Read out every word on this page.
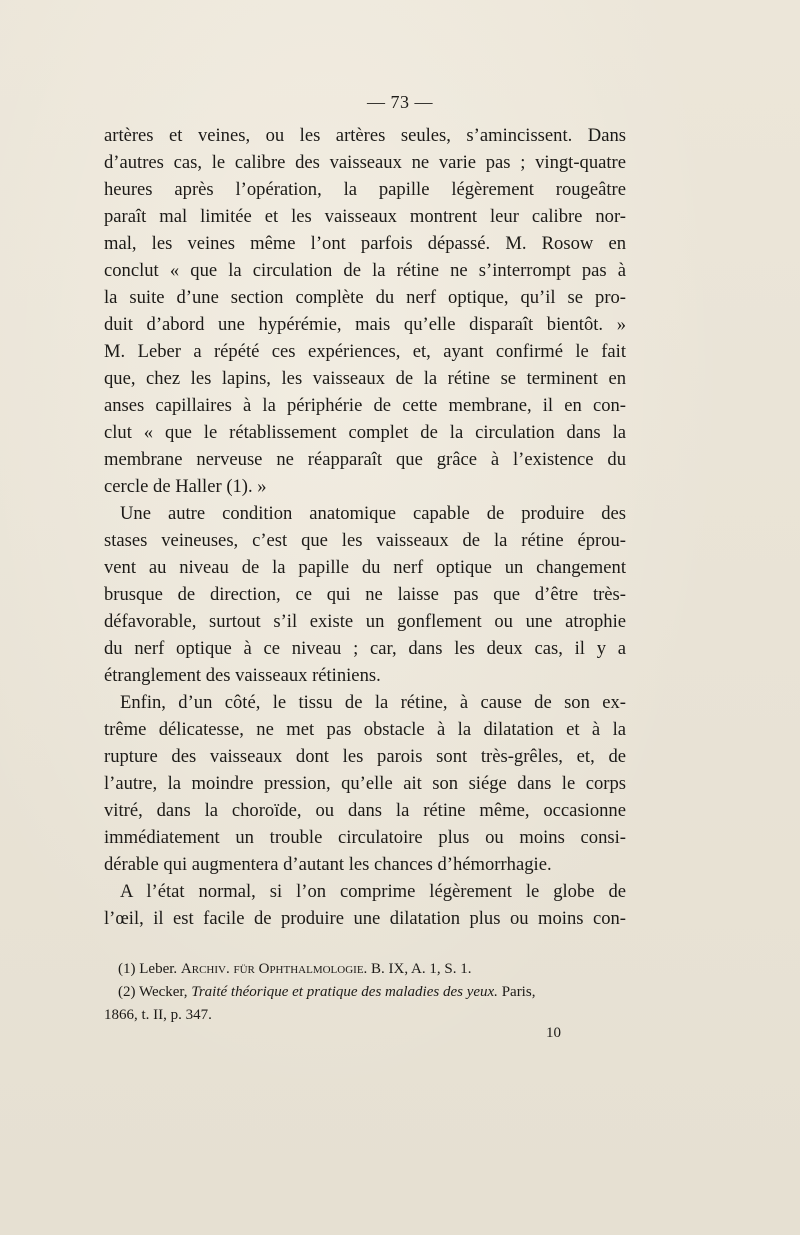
— 73 —
artères et veines, ou les artères seules, s’amincissent. Dans
d’autres cas, le calibre des vaisseaux ne varie pas ; vingt-quatre
heures après l’opération, la papille légèrement rougeâtre
paraît mal limitée et les vaisseaux montrent leur calibre nor-
mal, les veines même l’ont parfois dépassé. M. Rosow en
conclut « que la circulation de la rétine ne s’interrompt pas à
la suite d’une section complète du nerf optique, qu’il se pro-
duit d’abord une hypérémie, mais qu’elle disparaît bientôt. »
M. Leber a répété ces expériences, et, ayant confirmé le fait
que, chez les lapins, les vaisseaux de la rétine se terminent en
anses capillaires à la périphérie de cette membrane, il en con-
clut « que le rétablissement complet de la circulation dans la
membrane nerveuse ne réapparaît que grâce à l’existence du
cercle de Haller (1). »
Une autre condition anatomique capable de produire des
stases veineuses, c’est que les vaisseaux de la rétine éprou-
vent au niveau de la papille du nerf optique un changement
brusque de direction, ce qui ne laisse pas que d’être très-
défavorable, surtout s’il existe un gonflement ou une atrophie
du nerf optique à ce niveau ; car, dans les deux cas, il y a
étranglement des vaisseaux rétiniens.
Enfin, d’un côté, le tissu de la rétine, à cause de son ex-
trême délicatesse, ne met pas obstacle à la dilatation et à la
rupture des vaisseaux dont les parois sont très-grêles, et, de
l’autre, la moindre pression, qu’elle ait son siége dans le corps
vitré, dans la choroïde, ou dans la rétine même, occasionne
immédiatement un trouble circulatoire plus ou moins consi-
dérable qui augmentera d’autant les chances d’hémorrhagie.
A l’état normal, si l’on comprime légèrement le globe de
l’œil, il est facile de produire une dilatation plus ou moins con-
(1) Leber. Archiv. für Ophthalmologie. B. IX, A. 1, S. 1.
(2) Wecker, Traité théorique et pratique des maladies des yeux. Paris,
1866, t. II, p. 347.
10
